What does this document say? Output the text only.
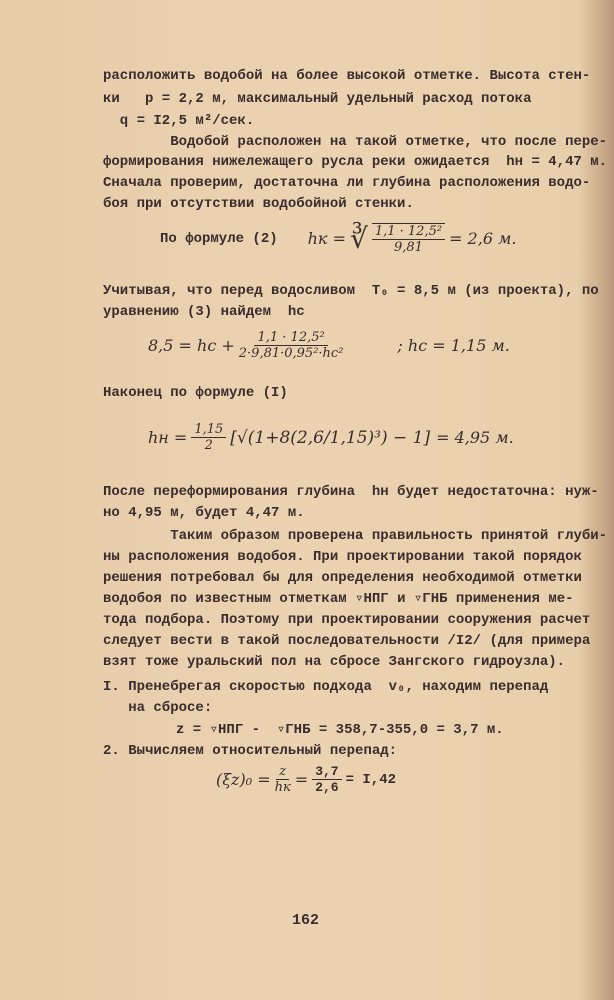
расположить водобой на более высокой отметке. Высота стен-
ки   p = 2,2 м, максимальный удельный расход потока
q = I2,5 м²/сек.
Водобой расположен на такой отметке, что после пере-
формирования нижележащего русла реки ожидается  hн = 4,47 м.
Сначала проверим, достаточна ли глубина расположения водо-
боя при отсутствии водобойной стенки.
По формуле (2) hк = ∛ $\frac{\text{1,1 · 12,5²}}{9,81} = 2,6$ м.
Учитывая, что перед водосливом  T₀ = 8,5 м (из проекта), по
уравнению (3) найдем  hc
8,5 = hc + $\frac{\text{1,1 · 12,5²}}{\text{2·9,81·0,95²·hc²}}$	; hc = 1,15 м.
Наконец по формуле (I)
hн = $\frac{1,15}{2} [√(1+8(2,6/1,15)^3) - 1] = 4,95$ м.
После переформирования глубина  hн будет недостаточна: нуж-
но 4,95 м, будет 4,47 м.
Таким образом проверена правильность принятой глуби-
ны расположения водобоя. При проектировании такой порядок
решения потребовал бы для определения необходимой отметки
водобоя по известным отметкам ▿НПГ и ▿ГНБ применения ме-
тода подбора. Поэтому при проектировании сооружения расчет
следует вести в такой последовательности /I2/ (для примера
взят тоже уральский пол на сбросе Зангского гидроузла).
I. Пренебрегая скоростью подхода  v₀, находим перепад
на сбросе:
z = ▿НПГ -  ▿ГНБ = 358,7-355,0 = 3,7 м.
2. Вычисляем относительный перепад:
$(\xi z)_0 = \frac{z}{hк} = \frac{3,7}{2,6} = I,42$
162
